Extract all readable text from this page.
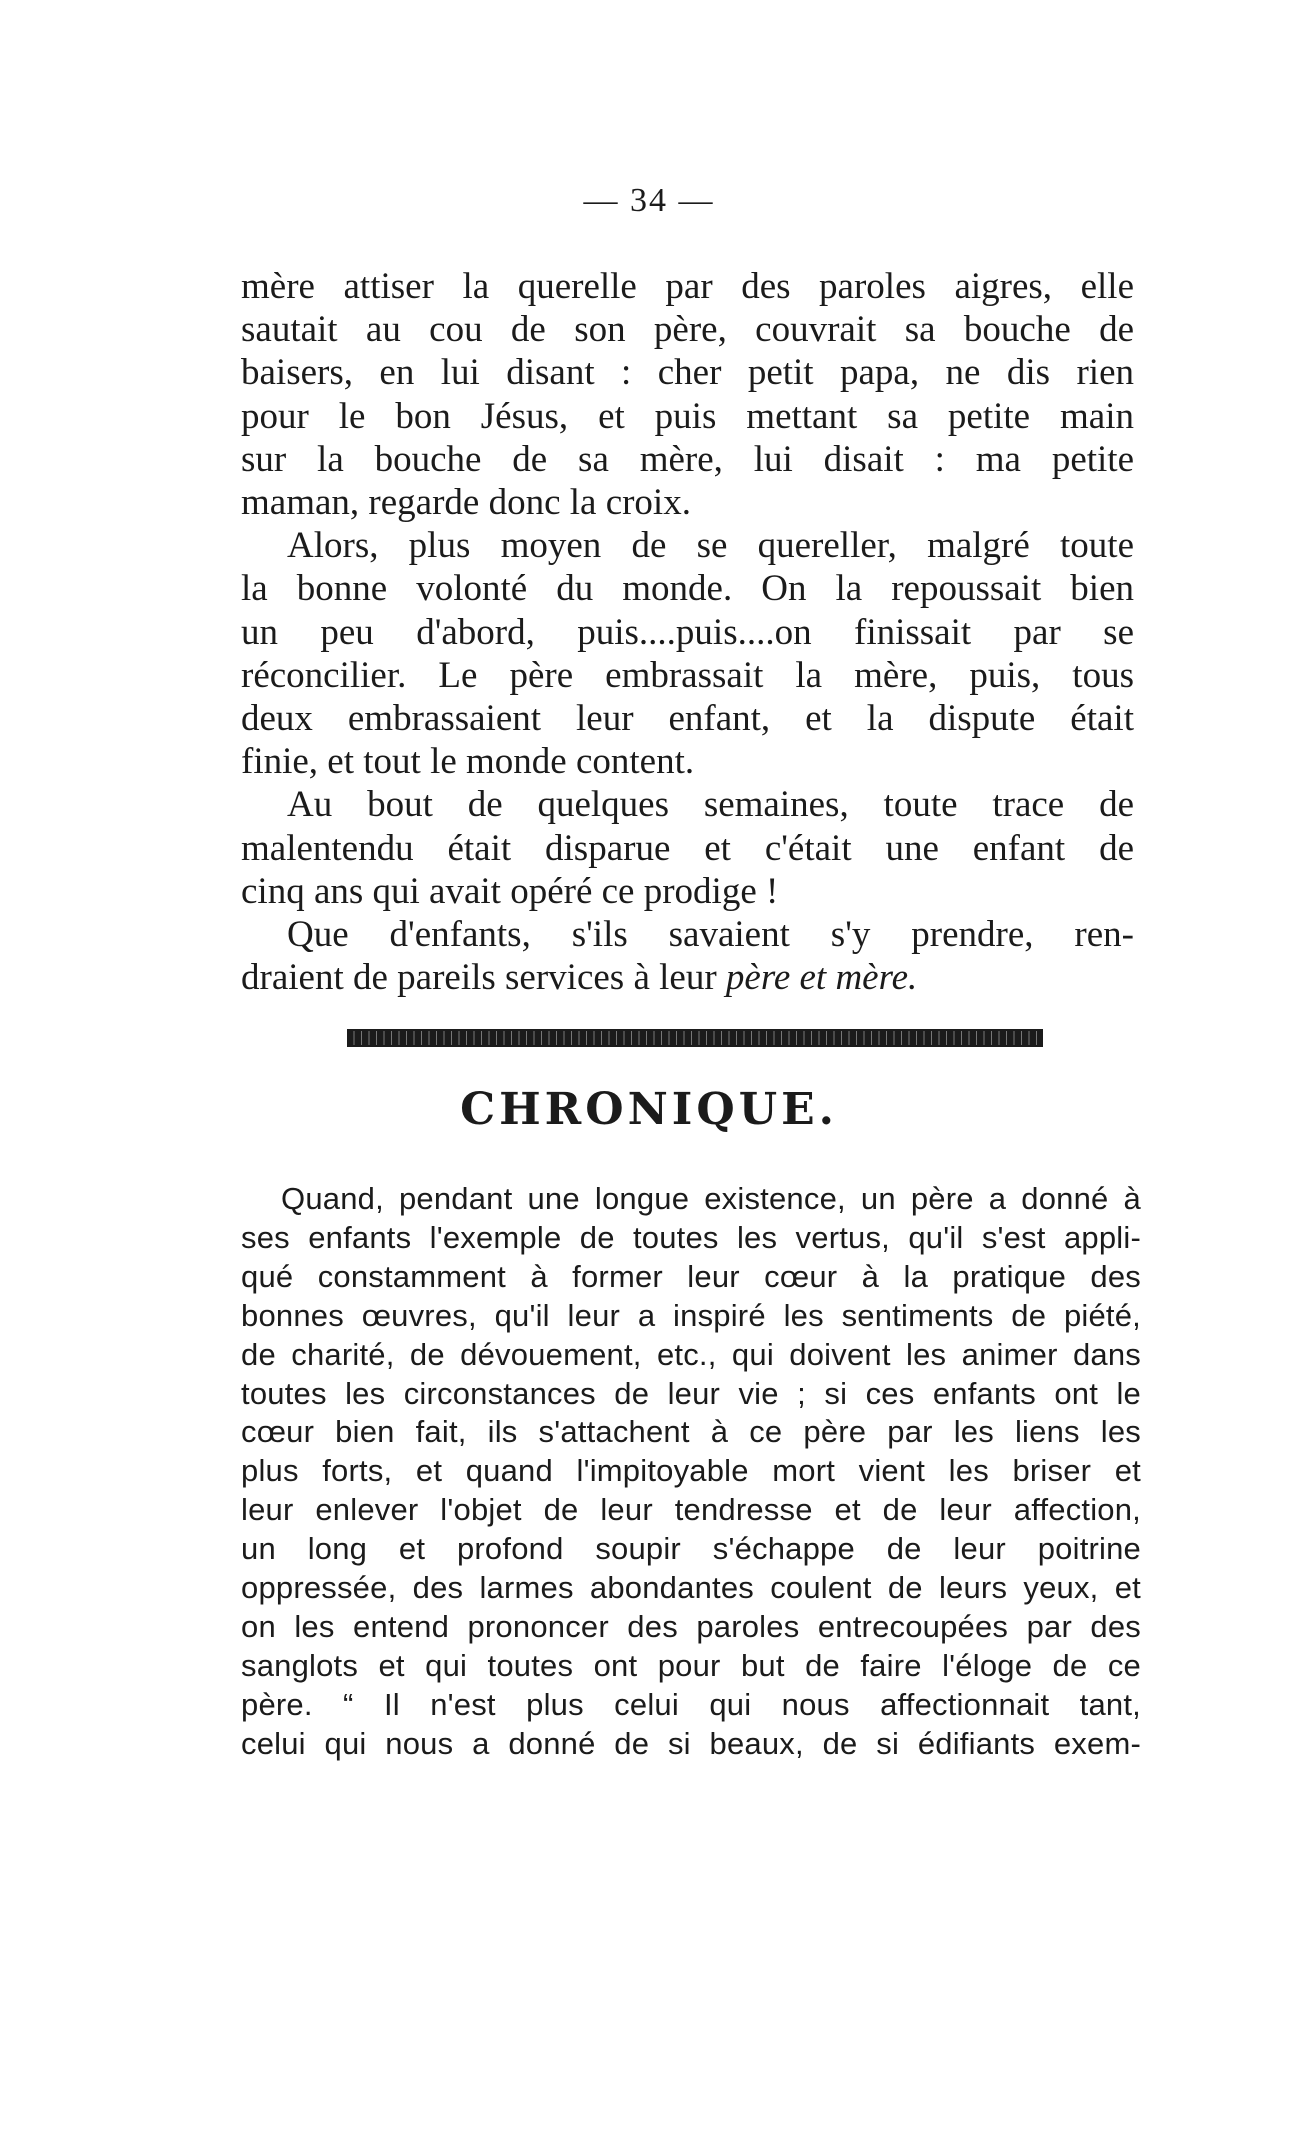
— 34 —
mère attiser la querelle par des paroles aigres, elle
sautait au cou de son père, couvrait sa bouche de
baisers, en lui disant : cher petit papa, ne dis rien
pour le bon Jésus, et puis mettant sa petite main
sur la bouche de sa mère, lui disait : ma petite
maman, regarde donc la croix.
Alors, plus moyen de se quereller, malgré toute
la bonne volonté du monde. On la repoussait bien
un peu d'abord, puis....puis....on finissait par se
réconcilier. Le père embrassait la mère, puis, tous
deux embrassaient leur enfant, et la dispute était
finie, et tout le monde content.
Au bout de quelques semaines, toute trace de
malentendu était disparue et c'était une enfant de
cinq ans qui avait opéré ce prodige !
Que d'enfants, s'ils savaient s'y prendre, ren-
draient de pareils services à leur père et mère.
CHRONIQUE.
Quand, pendant une longue existence, un père a donné à
ses enfants l'exemple de toutes les vertus, qu'il s'est appli-
qué constamment à former leur cœur à la pratique des
bonnes œuvres, qu'il leur a inspiré les sentiments de piété,
de charité, de dévouement, etc., qui doivent les animer dans
toutes les circonstances de leur vie ; si ces enfants ont le
cœur bien fait, ils s'attachent à ce père par les liens les
plus forts, et quand l'impitoyable mort vient les briser et
leur enlever l'objet de leur tendresse et de leur affection,
un long et profond soupir s'échappe de leur poitrine
oppressée, des larmes abondantes coulent de leurs yeux, et
on les entend prononcer des paroles entrecoupées par des
sanglots et qui toutes ont pour but de faire l'éloge de ce
père. “ Il n'est plus celui qui nous affectionnait tant,
celui qui nous a donné de si beaux, de si édifiants exem-
